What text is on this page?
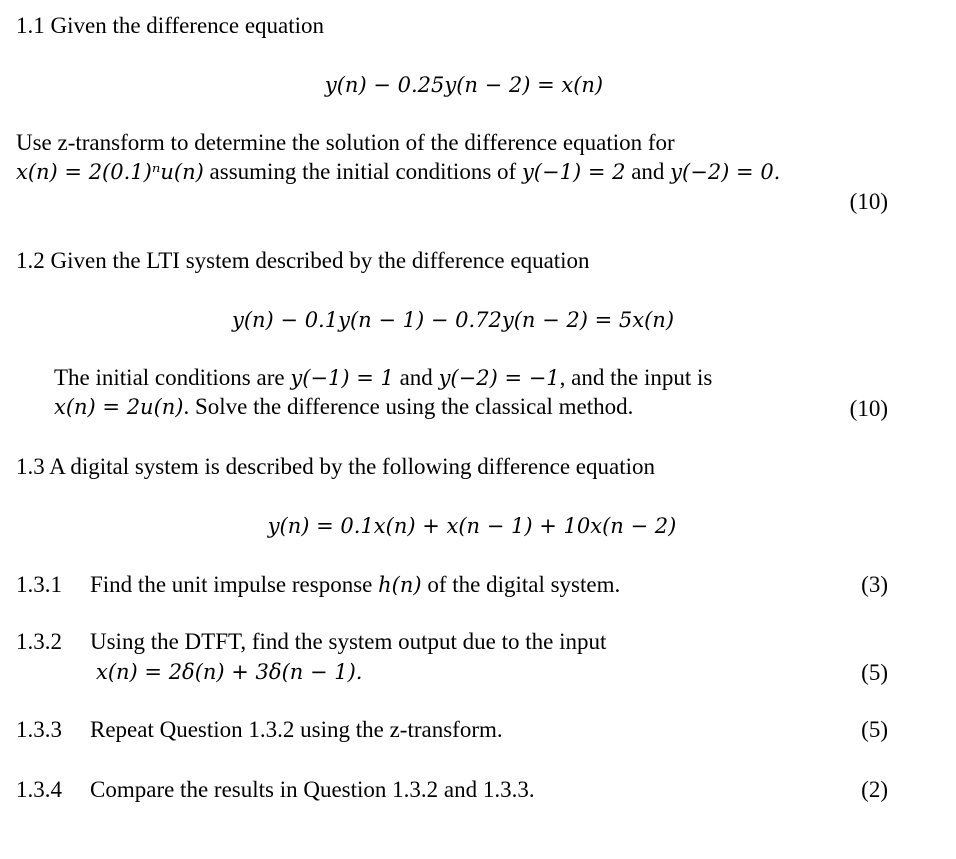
1.1 Given the difference equation
y(n) − 0.25y(n − 2) = x(n)
Use z-transform to determine the solution of the difference equation for
x(n) = 2(0.1)ⁿu(n) assuming the initial conditions of y(−1) = 2 and y(−2) = 0.
(10)
1.2 Given the LTI system described by the difference equation
y(n) − 0.1y(n − 1) − 0.72y(n − 2) = 5x(n)
The initial conditions are y(−1) = 1 and y(−2) = −1, and the input is
x(n) = 2u(n). Solve the difference using the classical method.	(10)
1.3 A digital system is described by the following difference equation
y(n) = 0.1x(n) + x(n − 1) + 10x(n − 2)
1.3.1 Find the unit impulse response h(n) of the digital system.	(3)
1.3.2 Using the DTFT, find the system output due to the input
x(n) = 2δ(n) + 3δ(n − 1).	(5)
1.3.3 Repeat Question 1.3.2 using the z-transform.	(5)
1.3.4 Compare the results in Question 1.3.2 and 1.3.3.	(2)
